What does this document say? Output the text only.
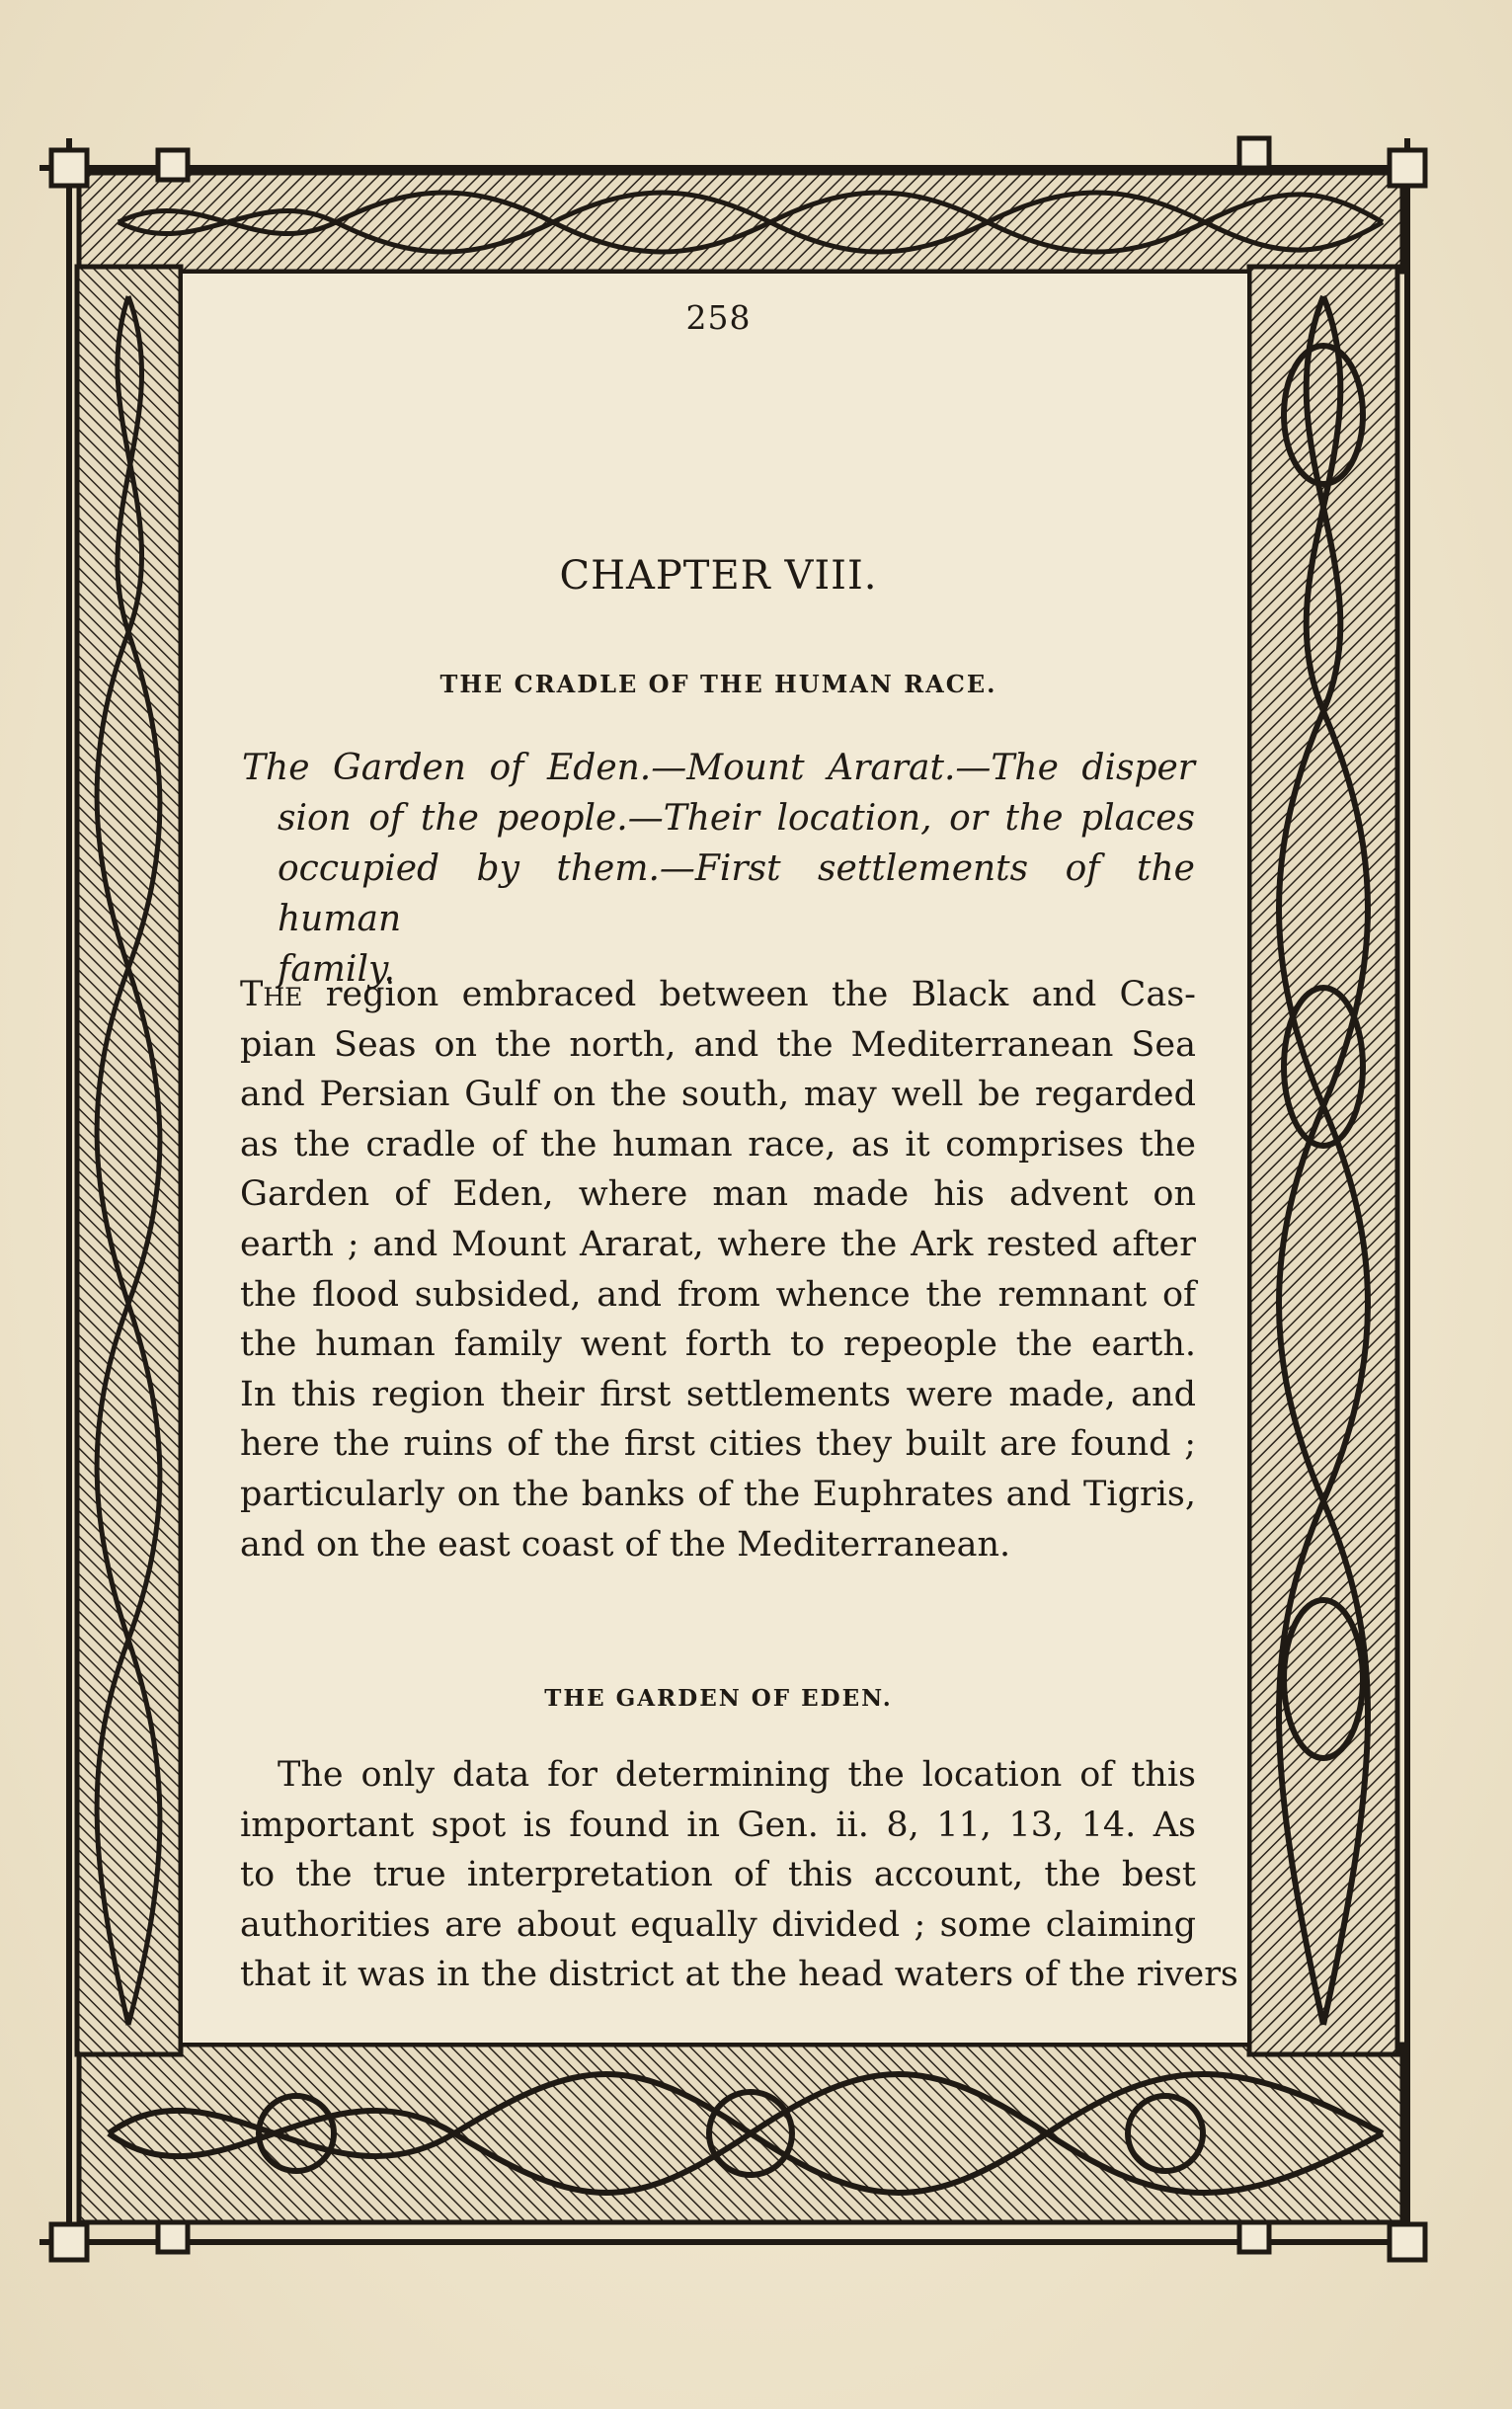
258
CHAPTER VIII.
THE CRADLE OF THE HUMAN RACE.
The Garden of Eden.—Mount Ararat.—The disper
sion of the people.—Their location, or the places
occupied by them.—First settlements of the human
family.
The region embraced between the Black and Cas-
pian Seas on the north, and the Mediterranean Sea
and Persian Gulf on the south, may well be regarded
as the cradle of the human race, as it comprises the
Garden of Eden, where man made his advent on
earth ; and Mount Ararat, where the Ark rested after
the flood subsided, and from whence the remnant of
the human family went forth to repeople the earth.
In this region their first settlements were made, and
here the ruins of the first cities they built are found ;
particularly on the banks of the Euphrates and Tigris,
and on the east coast of the Mediterranean.
THE GARDEN OF EDEN.
The only data for determining the location of this
important spot is found in Gen. ii. 8, 11, 13, 14. As
to the true interpretation of this account, the best
authorities are about equally divided ; some claiming
that it was in the district at the head waters of the rivers
